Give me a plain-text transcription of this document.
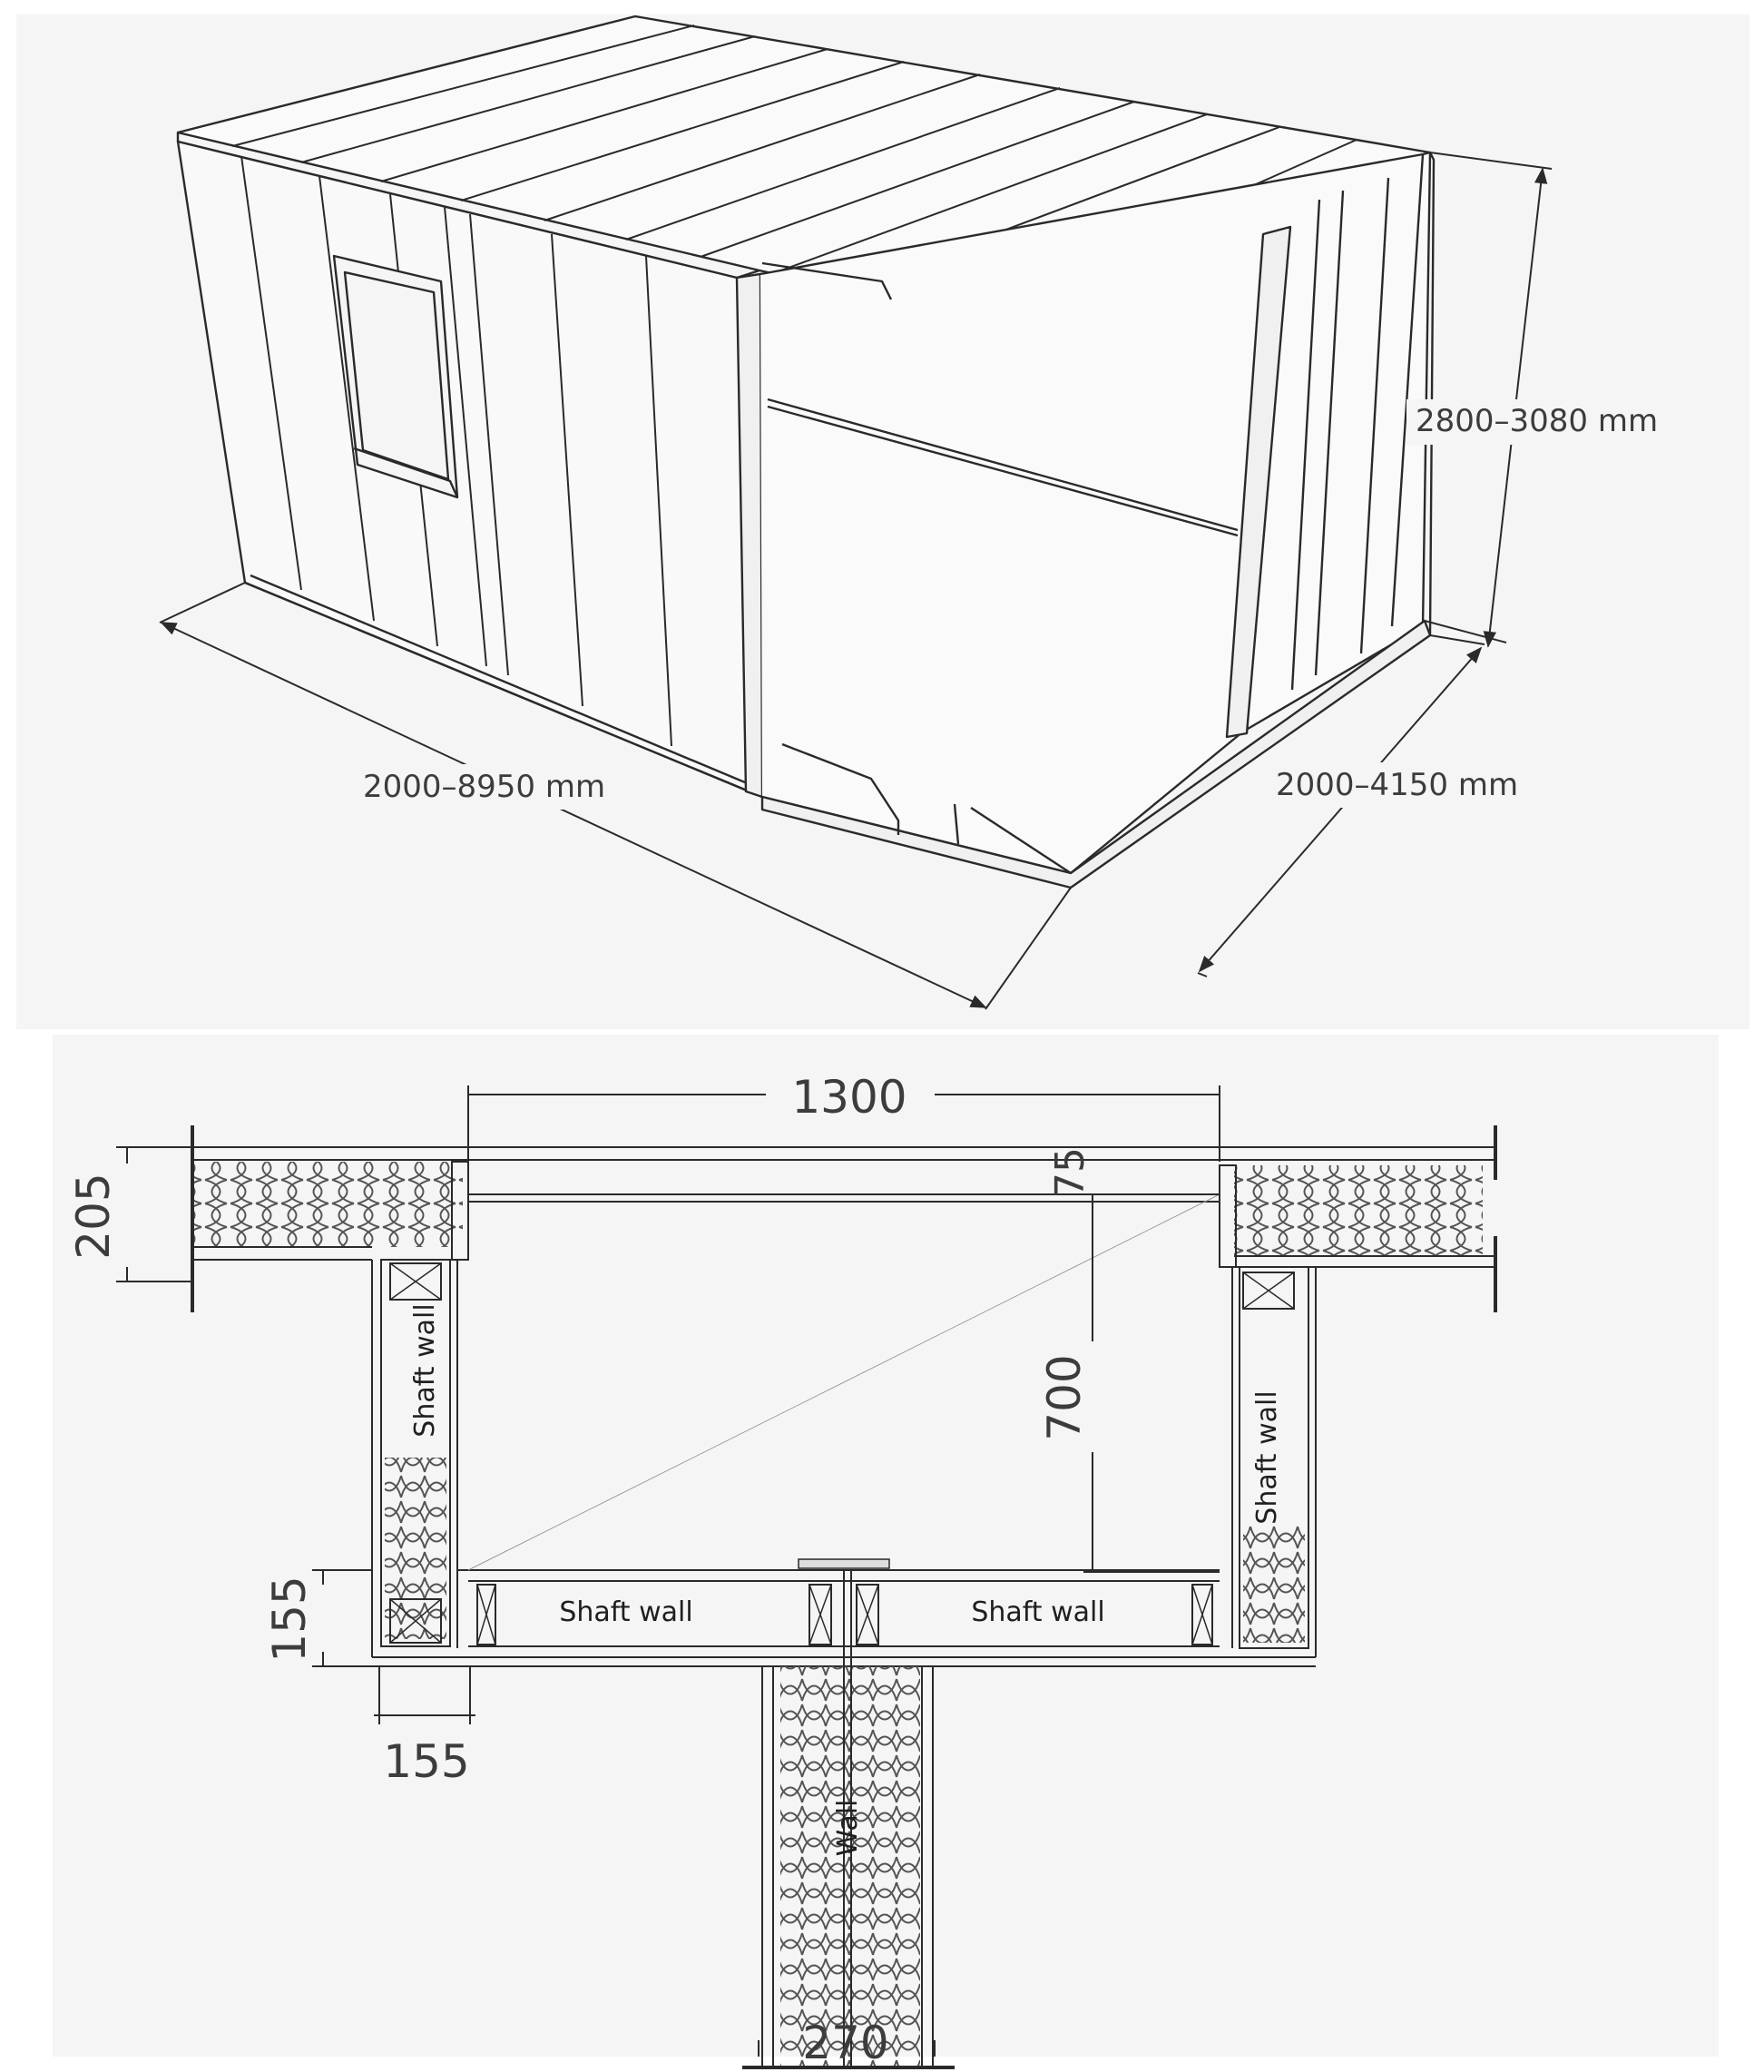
2800–3080 mm
2000–8950 mm	2000–4150 mm
1300
75
700
205
155
155
270
Shaft wall
Shaft wall
Shaft wall	Shaft wall
Wall
